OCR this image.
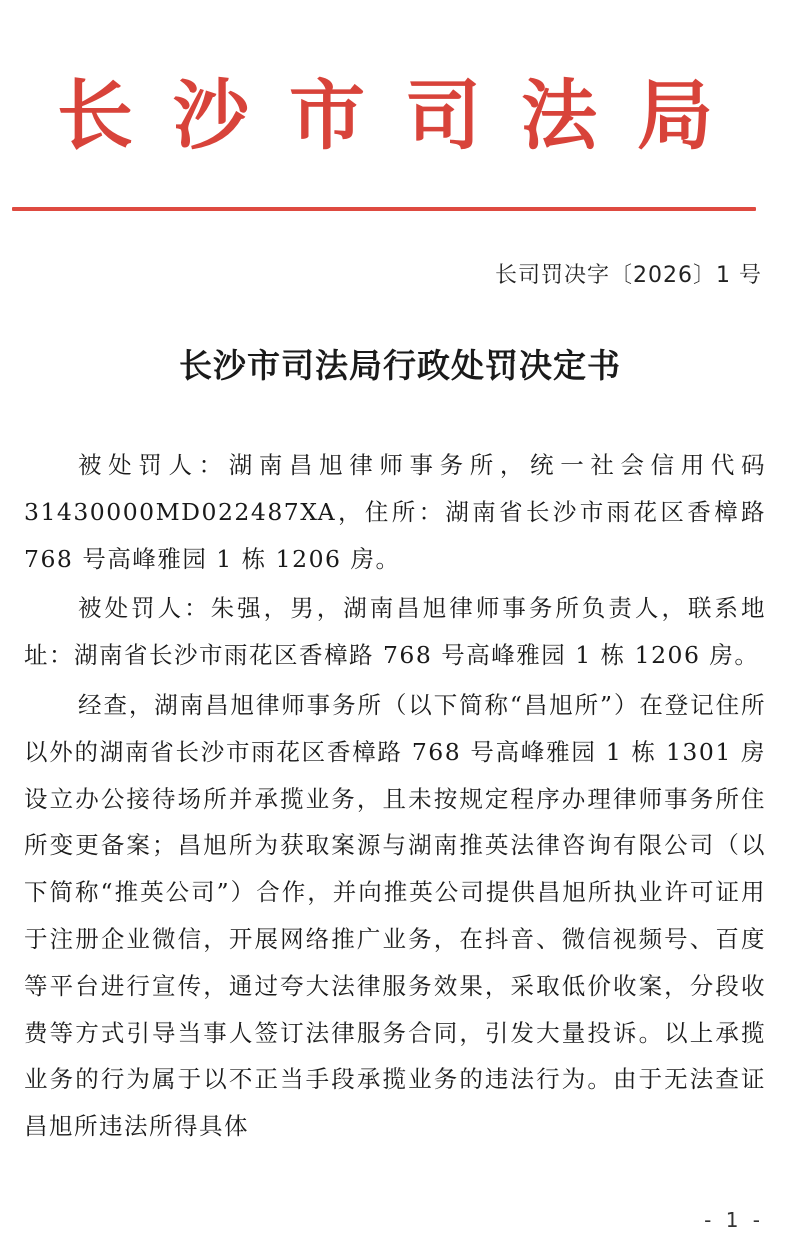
长沙市司法局
长司罚决字〔2026〕1 号
长沙市司法局行政处罚决定书

被处罚人：湖南昌旭律师事务所，统一社会信用代码 31430000MD022487XA，住所：湖南省长沙市雨花区香樟路 768 号高峰雅园 1 栋 1206 房。

被处罚人：朱强，男，湖南昌旭律师事务所负责人，联系地址：湖南省长沙市雨花区香樟路 768 号高峰雅园 1 栋 1206 房。

经查，湖南昌旭律师事务所（以下简称“昌旭所”）在登记住所以外的湖南省长沙市雨花区香樟路 768 号高峰雅园 1 栋 1301 房设立办公接待场所并承揽业务，且未按规定程序办理律师事务所住所变更备案；昌旭所为获取案源与湖南推英法律咨询有限公司（以下简称“推英公司”）合作，并向推英公司提供昌旭所执业许可证用于注册企业微信，开展网络推广业务，在抖音、微信视频号、百度等平台进行宣传，通过夸大法律服务效果，采取低价收案，分段收费等方式引导当事人签订法律服务合同，引发大量投诉。以上承揽业务的行为属于以不正当手段承揽业务的违法行为。由于无法查证昌旭所违法所得具体

- 1 -
